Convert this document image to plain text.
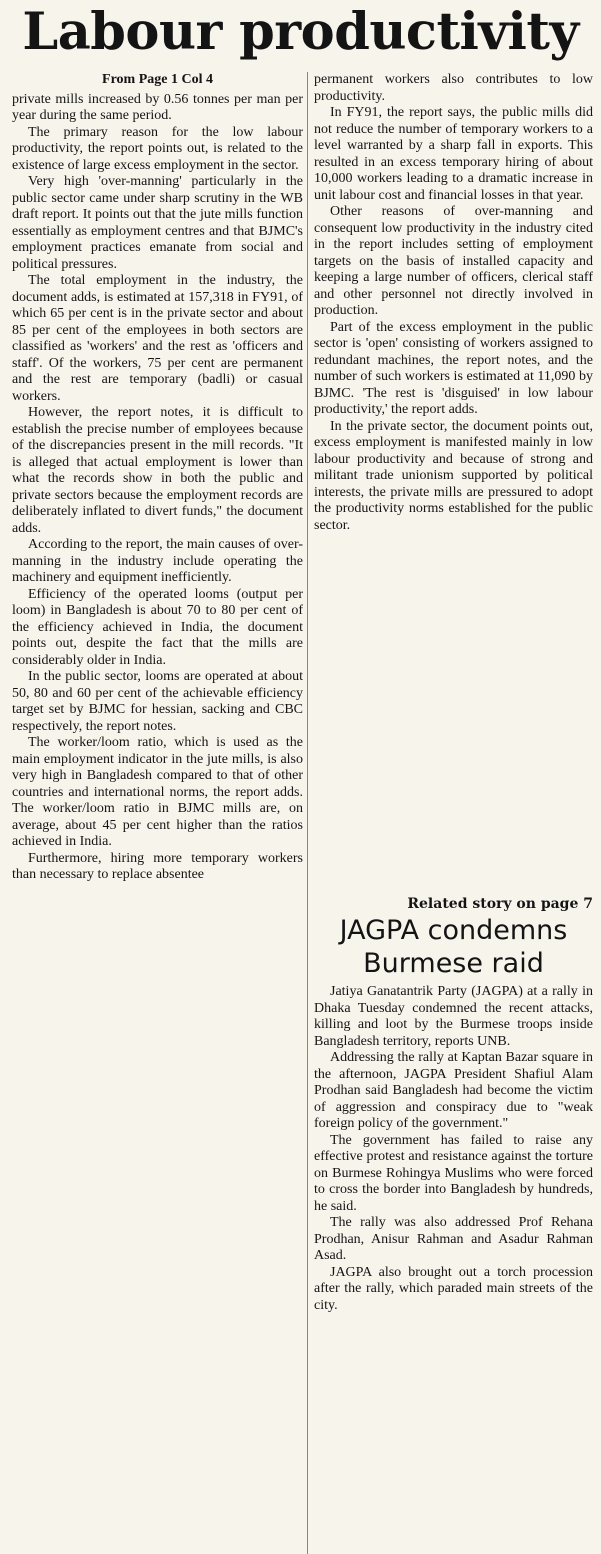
Labour productivity
From Page 1 Col 4

private mills increased by 0.56 tonnes per man per year during the same period.

The primary reason for the low labour productivity, the report points out, is related to the existence of large excess employment in the sector.

Very high 'over-manning' particularly in the public sector came under sharp scrutiny in the WB draft report. It points out that the jute mills function essentially as employment centres and that BJMC's employment practices emanate from social and political pressures.

The total employment in the industry, the document adds, is estimated at 157,318 in FY91, of which 65 per cent is in the private sector and about 85 per cent of the employees in both sectors are classified as 'workers' and the rest as 'officers and staff'. Of the workers, 75 per cent are permanent and the rest are temporary (badli) or casual workers.

However, the report notes, it is difficult to establish the precise number of employees because of the discrepancies present in the mill records. "It is alleged that actual employment is lower than what the records show in both the public and private sectors because the employment records are deliberately inflated to divert funds," the document adds.

According to the report, the main causes of over-manning in the industry include operating the machinery and equipment inefficiently.

Efficiency of the operated looms (output per loom) in Bangladesh is about 70 to 80 per cent of the efficiency achieved in India, the document points out, despite the fact that the mills are considerably older in India.

In the public sector, looms are operated at about 50, 80 and 60 per cent of the achievable efficiency target set by BJMC for hessian, sacking and CBC respectively, the report notes.

The worker/loom ratio, which is used as the main employment indicator in the jute mills, is also very high in Bangladesh compared to that of other countries and international norms, the report adds. The worker/loom ratio in BJMC mills are, on average, about 45 per cent higher than the ratios achieved in India.

Furthermore, hiring more temporary workers than necessary to replace absentee

permanent workers also contributes to low productivity.

In FY91, the report says, the public mills did not reduce the number of temporary workers to a level warranted by a sharp fall in exports. This resulted in an excess temporary hiring of about 10,000 workers leading to a dramatic increase in unit labour cost and financial losses in that year.

Other reasons of over-manning and consequent low productivity in the industry cited in the report includes setting of employment targets on the basis of installed capacity and keeping a large number of officers, clerical staff and other personnel not directly involved in production.

Part of the excess employment in the public sector is 'open' consisting of workers assigned to redundant machines, the report notes, and the number of such workers is estimated at 11,090 by BJMC. 'The rest is 'disguised' in low labour productivity,' the report adds.

In the private sector, the document points out, excess employment is manifested mainly in low labour productivity and because of strong and militant trade unionism supported by political interests, the private mills are pressured to adopt the productivity norms established for the public sector.

Related story on page 7
JAGPA condemns
Burmese raid

Jatiya Ganatantrik Party (JAGPA) at a rally in Dhaka Tuesday condemned the recent attacks, killing and loot by the Burmese troops inside Bangladesh territory, reports UNB.

Addressing the rally at Kaptan Bazar square in the afternoon, JAGPA President Shafiul Alam Prodhan said Bangladesh had become the victim of aggression and conspiracy due to "weak foreign policy of the government."

The government has failed to raise any effective protest and resistance against the torture on Burmese Rohingya Muslims who were forced to cross the border into Bangladesh by hundreds, he said.

The rally was also addressed Prof Rehana Prodhan, Anisur Rahman and Asadur Rahman Asad.

JAGPA also brought out a torch procession after the rally, which paraded main streets of the city.
